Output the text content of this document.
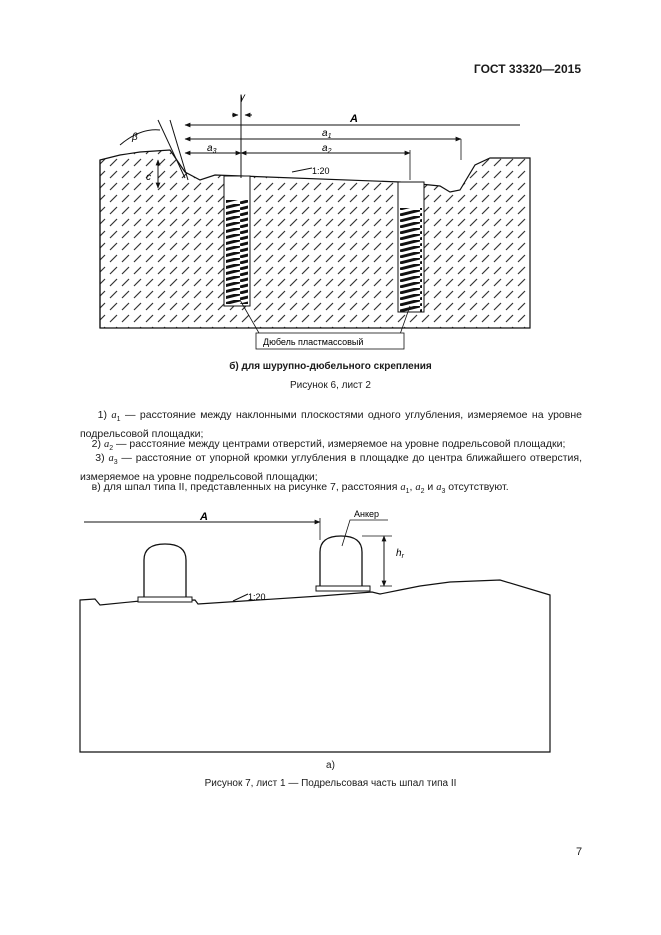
ГОСТ 33320—2015
A
$a_1$
$a_2$
$a_3$
γ
β
c
1:20
Дюбель пластмассовый
б) для шурупно-дюбельного скрепления
Рисунок 6, лист 2
1) $a_1$ — расстояние между наклонными плоскостями одного углубления, измеряемое на уровне подрельсовой площадки;
2) $a_2$ — расстояние между центрами отверстий, измеряемое на уровне подрельсовой площадки;
3) $a_3$ — расстояние от упорной кромки углубления в площадке до центра ближайшего отверстия, измеряемое на уровне подрельсовой площадки;
в) для шпал типа II, представленных на рисунке 7, расстояния $a_1$, $a_2$ и $a_3$ отсутствуют.
A	Анкер
$h_r$
1:20
а)
Рисунок 7, лист 1 — Подрельсовая часть шпал типа II
7
